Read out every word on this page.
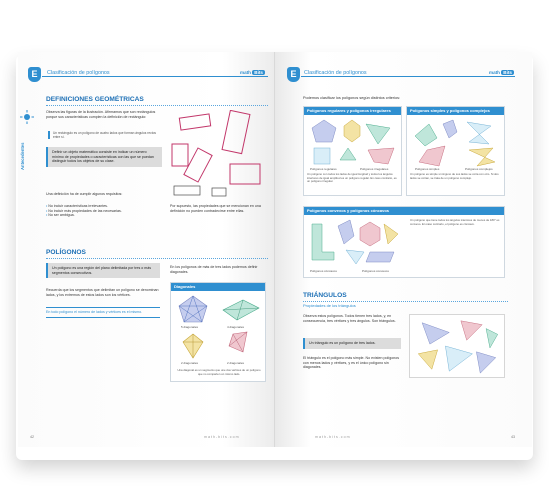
E	Clasificación de polígonos	math Bits
Antecedentes
DEFINICIONES GEOMÉTRICAS
Observa las figuras de la ilustración. Afirmamos que son rectángulos porque sus características cumplen la definición de rectángulo:
Un rectángulo es un polígono de cuatro lados que forman ángulos rectos entre sí.
Definir un objeto matemático consiste en indicar un número mínimo de propiedades o características con las que se puedan distinguir todos los objetos de su clase.
Una definición ha de cumplir algunos requisitos:
• No incluir características irrelevantes.
• No incluir más propiedades de las necesarias.
• No ser ambigua.
Por supuesto, las propiedades que se mencionan en una definición no pueden contradecirse entre ellas.
POLÍGONOS
Un polígono es una región del plano delimitada por tres o más segmentos consecutivos.
Recuerda que los segmentos que delimitan un polígono se denominan lados, y los extremos de estos lados son los vértices.
En todo polígono el número de lados y vértices es el mismo.
En los polígonos de más de tres lados podemos definir diagonales.
Diagonales
5 diagonales	4 diagonales
2 diagonales	2 diagonales
Una diagonal es un segmento que une dos vértices de un polígono que no comparten un mismo lado.
42	math-bits.com
E	Clasificación de polígonos	math Bits
Podemos clasificar los polígonos según distintos criterios:
Polígonos regulares y polígonos irregulares
Polígonos regulares	Polígonos irregulares
Un polígono con todos los lados de igual longitud y todos los ángulos interiores de igual amplitud es un polígono regular. En caso contrario, es un polígono irregular.
Polígonos simples y polígonos complejos
Polígonos simples	Polígonos complejos
Un polígono es simple si ninguno de sus lados se corta con otro. Si dos lados se cortan, se trata de un polígono complejo.
Polígonos convexos y polígonos cóncavos
Polígonos cóncavos	Polígonos convexos
Un polígono que tiene todos los ángulos interiores de menos de 180° es convexo. En caso contrario, el polígono es cóncavo.
TRIÁNGULOS
Propiedades de los triángulos
Observa estos polígonos. Todos tienen tres lados, y, en consecuencia, tres vértices y tres ángulos. Son triángulos.
Un triángulo es un polígono de tres lados.
El triángulo es el polígono más simple. No existen polígonos con menos lados y vértices, y es el único polígono sin diagonales.
math-bits.com	43
